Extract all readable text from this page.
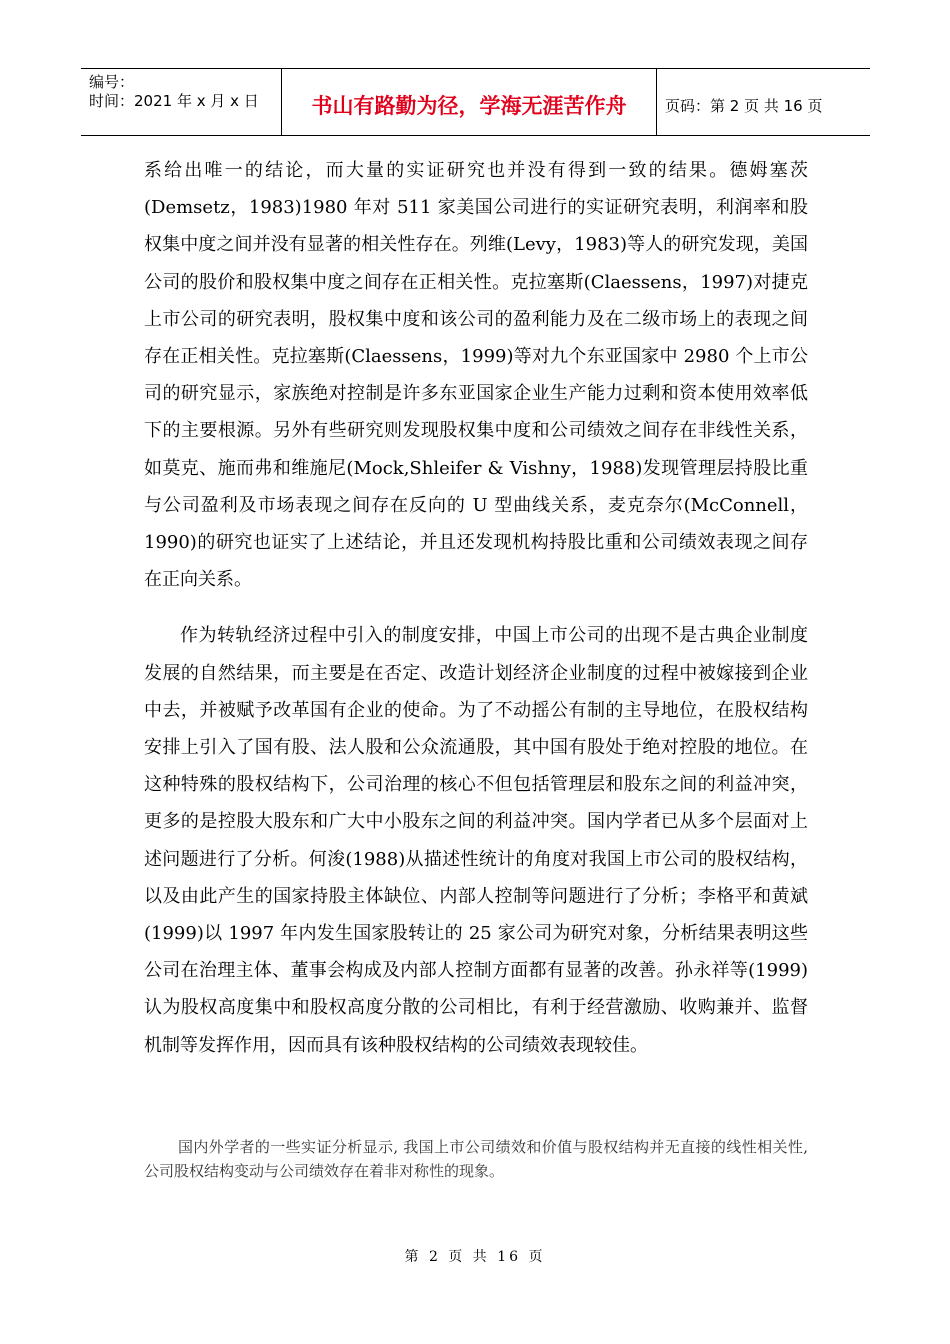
编号：
时间：2021 年 x 月 x 日	书山有路勤为径，学海无涯苦作舟	页码：第 2 页 共 16 页

系给出唯一的结论，而大量的实证研究也并没有得到一致的结果。德姆塞茨(Demsetz，1983)1980 年对 511 家美国公司进行的实证研究表明，利润率和股权集中度之间并没有显著的相关性存在。列维(Levy，1983)等人的研究发现，美国公司的股价和股权集中度之间存在正相关性。克拉塞斯(Claessens，1997)对捷克上市公司的研究表明，股权集中度和该公司的盈利能力及在二级市场上的表现之间存在正相关性。克拉塞斯(Claessens，1999)等对九个东亚国家中 2980 个上市公司的研究显示，家族绝对控制是许多东亚国家企业生产能力过剩和资本使用效率低下的主要根源。另外有些研究则发现股权集中度和公司绩效之间存在非线性关系，如莫克、施而弗和维施尼(Mock,Shleifer & Vishny，1988)发现管理层持股比重与公司盈利及市场表现之间存在反向的 U 型曲线关系，麦克奈尔(McConnell，1990)的研究也证实了上述结论，并且还发现机构持股比重和公司绩效表现之间存在正向关系。

作为转轨经济过程中引入的制度安排，中国上市公司的出现不是古典企业制度发展的自然结果，而主要是在否定、改造计划经济企业制度的过程中被嫁接到企业中去，并被赋予改革国有企业的使命。为了不动摇公有制的主导地位，在股权结构安排上引入了国有股、法人股和公众流通股，其中国有股处于绝对控股的地位。在这种特殊的股权结构下，公司治理的核心不但包括管理层和股东之间的利益冲突，更多的是控股大股东和广大中小股东之间的利益冲突。国内学者已从多个层面对上述问题进行了分析。何浚(1988)从描述性统计的角度对我国上市公司的股权结构，以及由此产生的国家持股主体缺位、内部人控制等问题进行了分析；李格平和黄斌(1999)以 1997 年内发生国家股转让的 25 家公司为研究对象，分析结果表明这些公司在治理主体、董事会构成及内部人控制方面都有显著的改善。孙永祥等(1999)认为股权高度集中和股权高度分散的公司相比，有利于经营激励、收购兼并、监督机制等发挥作用，因而具有该种股权结构的公司绩效表现较佳。

国内外学者的一些实证分析显示, 我国上市公司绩效和价值与股权结构并无直接的线性相关性, 公司股权结构变动与公司绩效存在着非对称性的现象。
第 2 页 共 16 页
